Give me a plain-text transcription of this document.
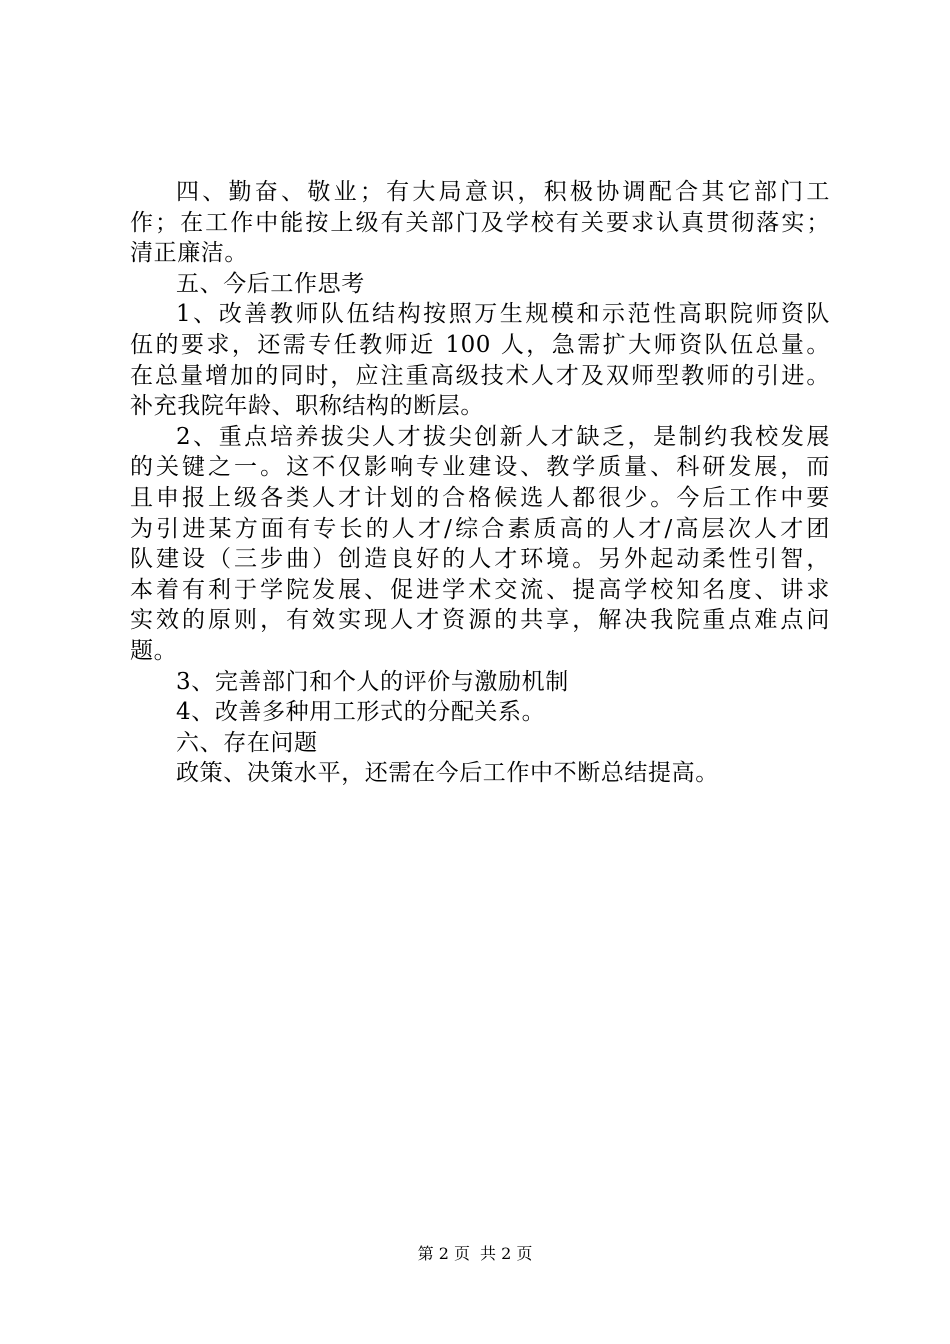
四、勤奋、敬业；有大局意识，积极协调配合其它部门工
作；在工作中能按上级有关部门及学校有关要求认真贯彻落实；
清正廉洁。
五、今后工作思考
1、改善教师队伍结构按照万生规模和示范性高职院师资队
伍的要求，还需专任教师近 100 人，急需扩大师资队伍总量。
在总量增加的同时，应注重高级技术人才及双师型教师的引进。
补充我院年龄、职称结构的断层。
2、重点培养拔尖人才拔尖创新人才缺乏，是制约我校发展
的关键之一。这不仅影响专业建设、教学质量、科研发展，而
且申报上级各类人才计划的合格候选人都很少。今后工作中要
为引进某方面有专长的人才/综合素质高的人才/高层次人才团
队建设（三步曲）创造良好的人才环境。另外起动柔性引智，
本着有利于学院发展、促进学术交流、提高学校知名度、讲求
实效的原则，有效实现人才资源的共享，解决我院重点难点问
题。
3、完善部门和个人的评价与激励机制
4、改善多种用工形式的分配关系。
六、存在问题
政策、决策水平，还需在今后工作中不断总结提高。
第 2 页 共 2 页
